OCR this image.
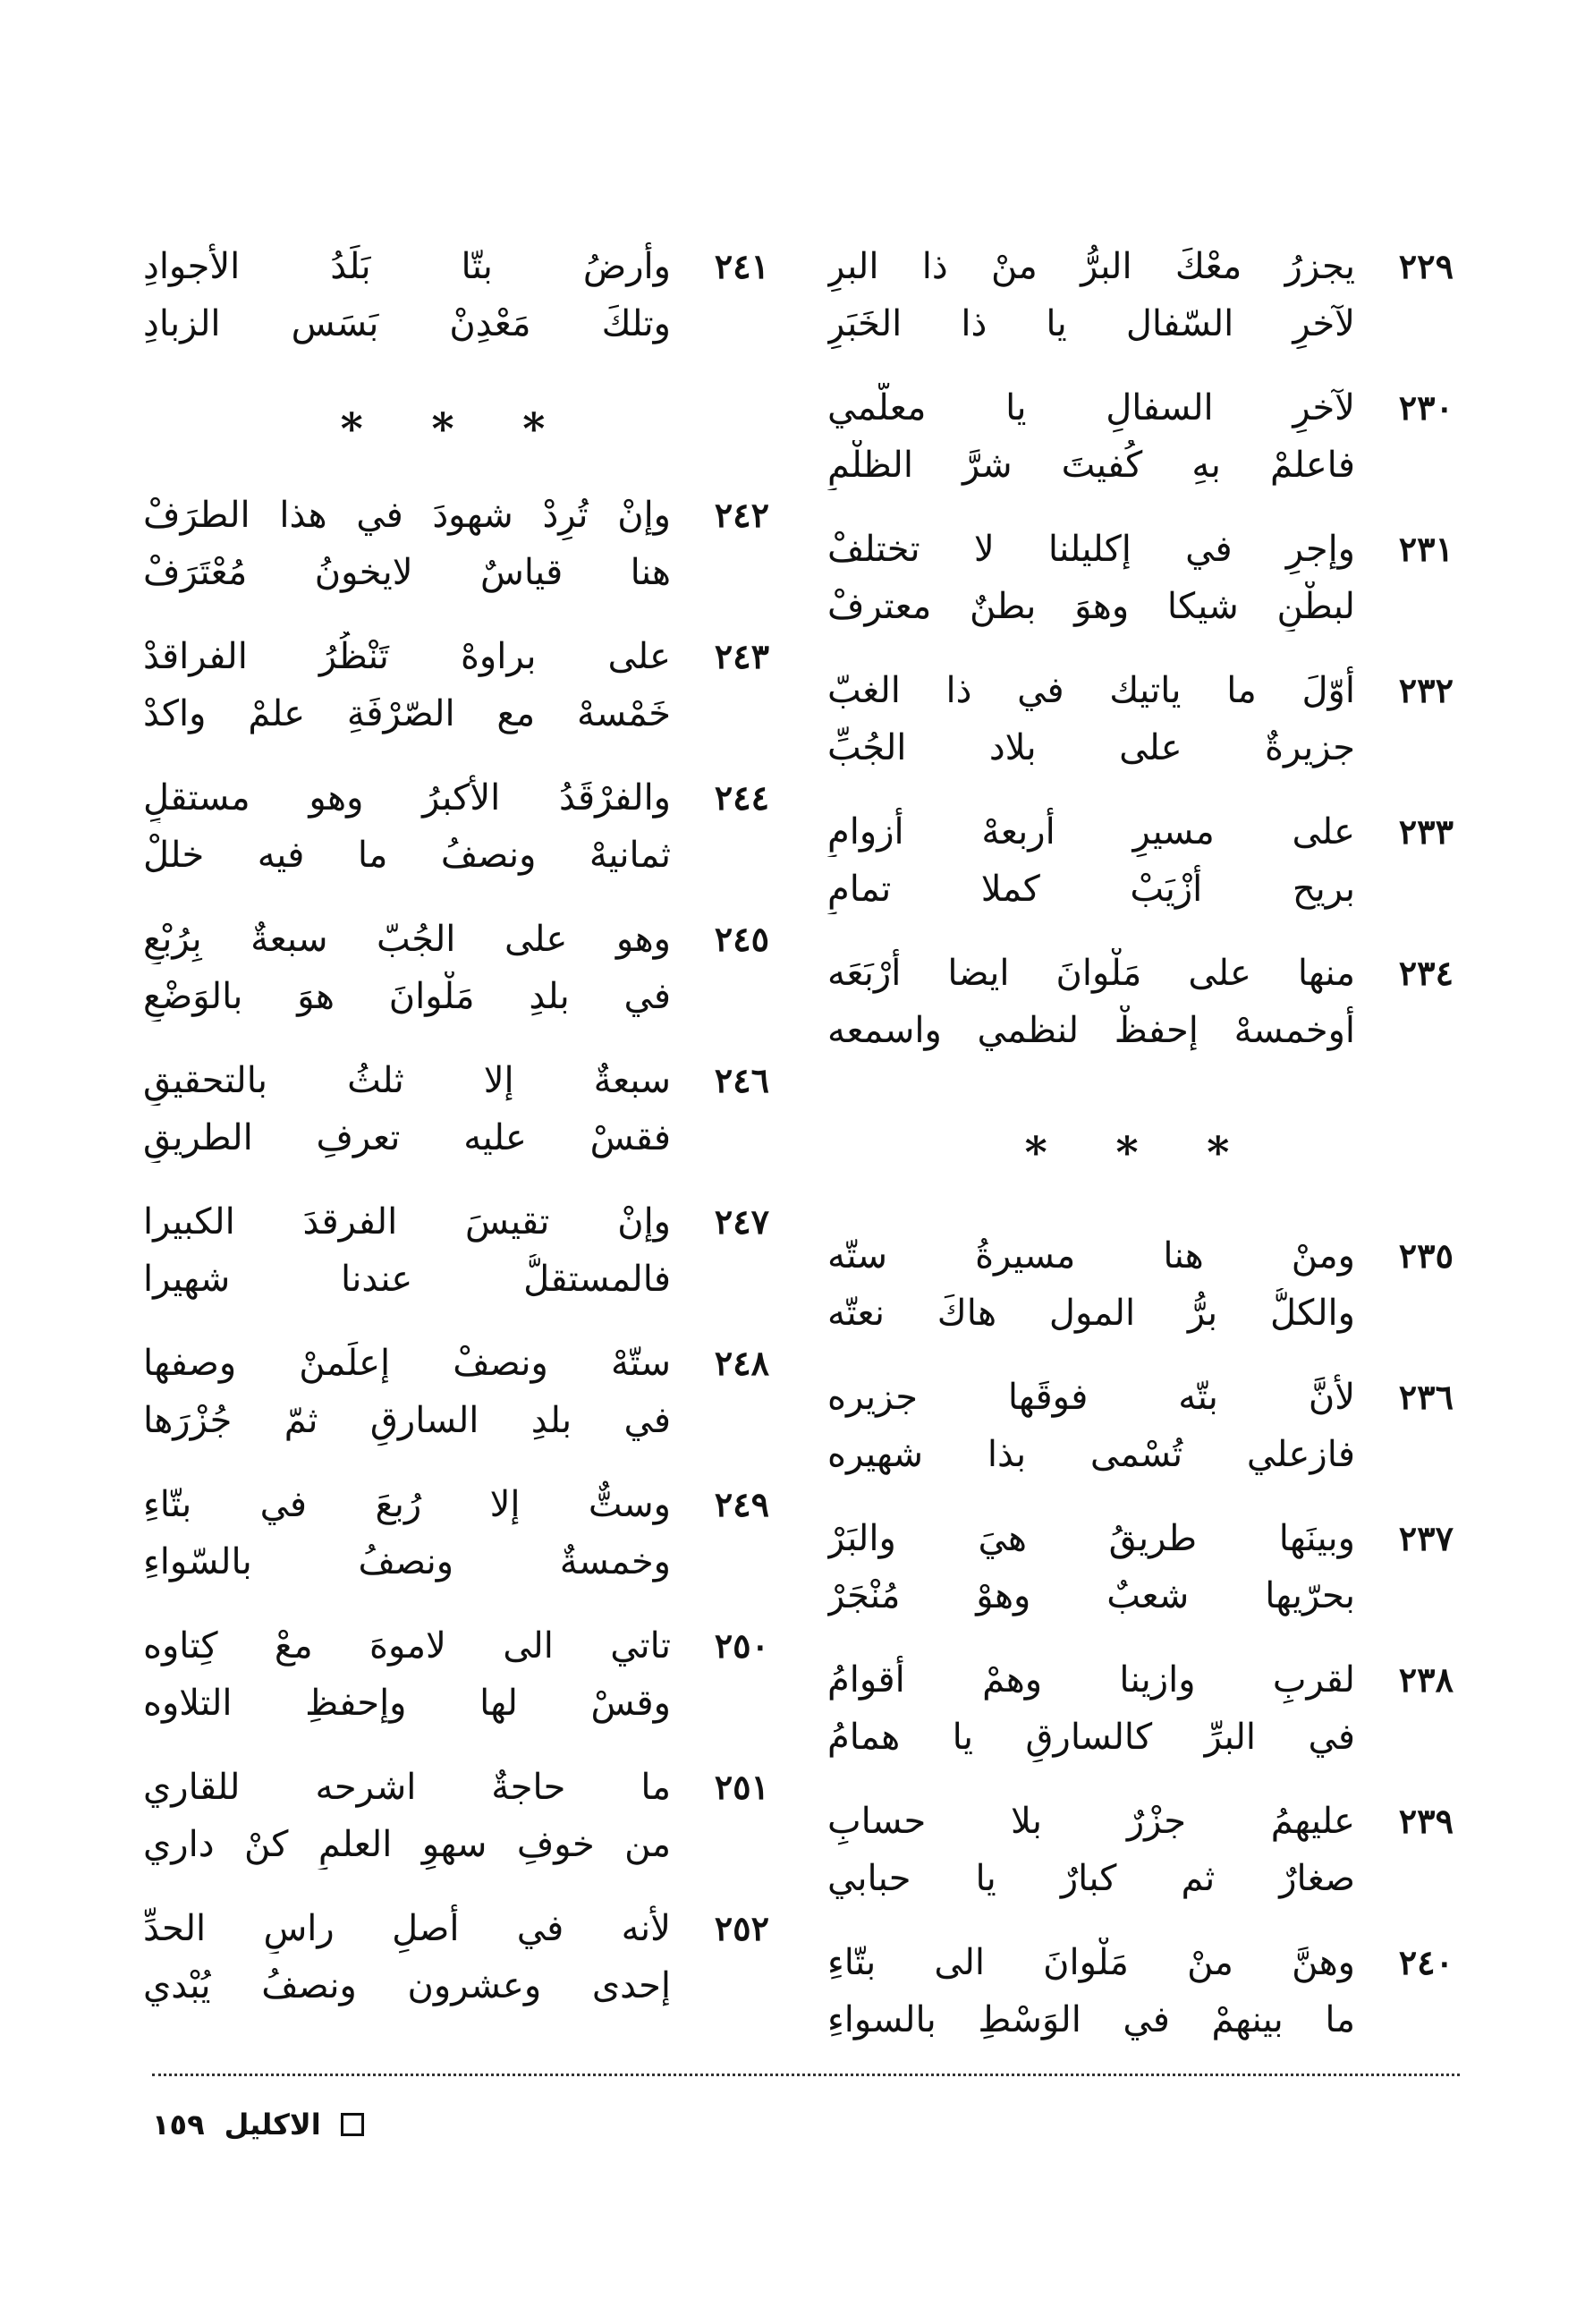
٢٢٩
يجزرُ معْكَ البرُّ منْ ذا البرِ
لآخرِ السّفال يا ذا الخَبَرِ
٢٣٠
لآخرِ السفالِ يا معلّمي
فاعلمْ بهِ كُفيتَ شرَّ الظلْمِ
٢٣١
وإجرِ في إكليلنا لا تختلفْ
لبطْنِ شيكا وهوَ بطنٌ معترفْ
٢٣٢
أوّلَ ما ياتيك في ذا الغبّ
جزيرةٌ على بلاد الجُبِّ
٢٣٣
على مسيرِ أربعهْ أزوامِ
بريح أزْيَبْ كملا تمامِ
٢٣٤
منها على مَلْوانَ ايضا أرْبَعَه
أوخمسهْ إحفظْ لنظمي واسمعه
* * *
٢٣٥
ومنْ هنا مسيرةُ ستّه
والكلُّ برُّ المول هاكَ نعتّه
٢٣٦
لأنَّ بتّه فوقَها جزيره
فازعلي تُسْمى بذا شهيره
٢٣٧
وبينَها طريقُ هيَ والبَرْ
بحرّيها شعبٌ وهوْ مُنْجَرْ
٢٣٨
لقربِ وازينا وهمْ أقوامُ
في البرِّ كالسارقِ يا همامُ
٢٣٩
عليهمُ جزْرٌ بلا حسابِ
صغارٌ ثم كبارٌ يا حبابي
٢٤٠
وهنَّ منْ مَلْوانَ الى بتّاءِ
ما بينهمْ في الوَسْطِ بالسواءِ
٢٤١
وأرضُ بتّا بَلَدُ الأجوادِ
وتلكَ مَعْدِنْ بَسَس الزبادِ
* * *
٢٤٢
وإنْ تُرِدْ شهودَ في هذا الطرَفْ
هنا قياسٌ لايخونُ مُعْتَرَفْ
٢٤٣
على براوهْ تَنْظُرُ الفراقدْ
خَمْسهْ مع الصّرْفَةِ علمْ واكدْ
٢٤٤
والفرْقَدُ الأكبرُ وهو مستقلٍ
ثمانيهْ ونصفُ ما فيه خللْ
٢٤٥
وهو على الجُبّ سبعةٌ بِرُبْعِ
في بلدِ مَلْوانَ هوَ بالوَضْعِ
٢٤٦
سبعةٌ إلا ثلثُ بالتحقيقِ
فقسْ عليه تعرفِ الطريقِ
٢٤٧
وإنْ تقيسَ الفرقدَ الكبيرا
فالمستقلُّ عندنا شهيرا
٢٤٨
ستّهْ ونصفْ إعلَمنْ وصفها
في بلدِ السارقِ ثمّ جُزْرَها
٢٤٩
وستٌّ إلا رُبعَ في بتّاءِ
وخمسةٌ ونصفُ بالسّواءِ
٢٥٠
تاتي الى لاموهَ معْ كِتاوه
وقسْ لها وإحفظِ التلاوه
٢٥١
ما حاجةٌ اشرحه للقاري
من خوفِ سهوِ العلمِ كنْ داري
٢٥٢
لأنه في أصلِ راسِ الحدِّ
إحدى وعشرون ونصفُ يُبْدي
الاكليل
١٥٩
